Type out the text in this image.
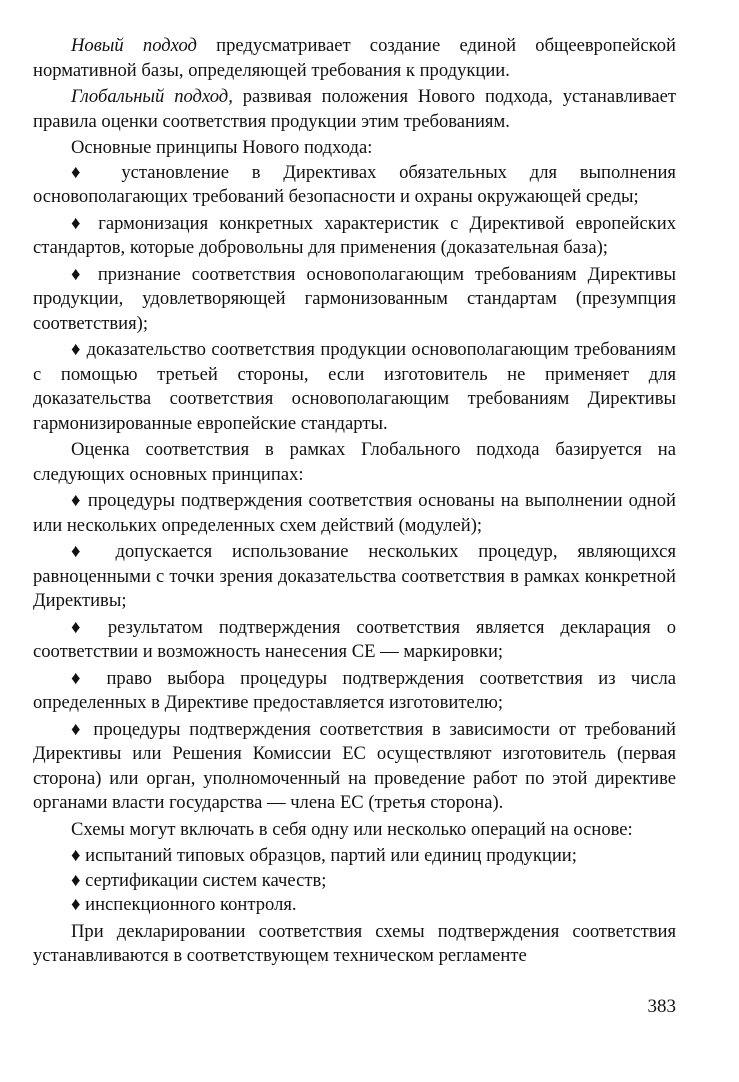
Новый подход предусматривает создание единой общеевропейской нормативной базы, определяющей требования к продукции.

Глобальный подход, развивая положения Нового подхода, устанавливает правила оценки соответствия продукции этим требованиям.

Основные принципы Нового подхода:

♦ установление в Директивах обязательных для выполнения основополагающих требований безопасности и охраны окружающей среды;

♦ гармонизация конкретных характеристик с Директивой европейских стандартов, которые добровольны для применения (доказательная база);

♦ признание соответствия основополагающим требованиям Директивы продукции, удовлетворяющей гармонизованным стандартам (презумпция соответствия);

♦ доказательство соответствия продукции основополагающим требованиям с помощью третьей стороны, если изготовитель не применяет для доказательства соответствия основополагающим требованиям Директивы гармонизированные европейские стандарты.

Оценка соответствия в рамках Глобального подхода базируется на следующих основных принципах:

♦ процедуры подтверждения соответствия основаны на выполнении одной или нескольких определенных схем действий (модулей);

♦ допускается использование нескольких процедур, являющихся равноценными с точки зрения доказательства соответствия в рамках конкретной Директивы;

♦ результатом подтверждения соответствия является декларация о соответствии и возможность нанесения CE — маркировки;

♦ право выбора процедуры подтверждения соответствия из числа определенных в Директиве предоставляется изготовителю;

♦ процедуры подтверждения соответствия в зависимости от требований Директивы или Решения Комиссии ЕС осуществляют изготовитель (первая сторона) или орган, уполномоченный на проведение работ по этой директиве органами власти государства — члена ЕС (третья сторона).

Схемы могут включать в себя одну или несколько операций на основе:

♦ испытаний типовых образцов, партий или единиц продукции;

♦ сертификации систем качеств;

♦ инспекционного контроля.

При декларировании соответствия схемы подтверждения соответствия устанавливаются в соответствующем техническом регламенте

383
